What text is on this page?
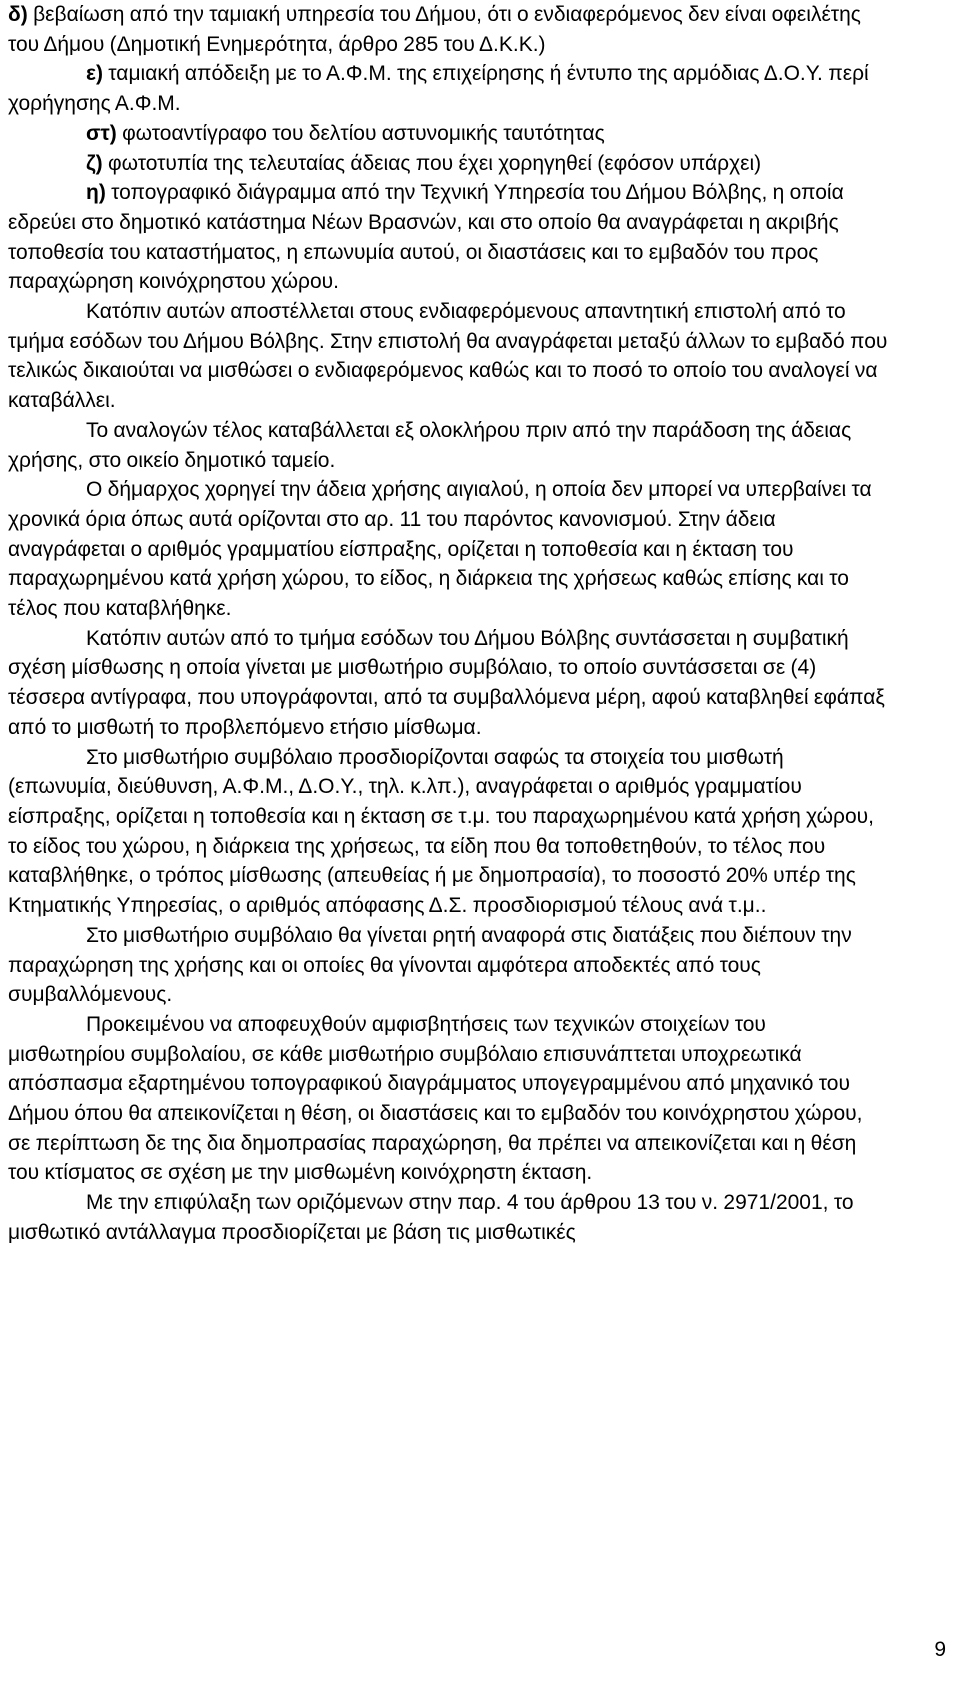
δ) βεβαίωση από την ταμιακή υπηρεσία του Δήμου, ότι ο ενδιαφερόμενος δεν είναι οφειλέτης του Δήμου (Δημοτική Ενημερότητα, άρθρο 285 του Δ.Κ.Κ.)

ε) ταμιακή απόδειξη με το Α.Φ.Μ. της επιχείρησης ή έντυπο της αρμόδιας Δ.Ο.Υ. περί χορήγησης Α.Φ.Μ.

στ) φωτοαντίγραφο του δελτίου αστυνομικής ταυτότητας

ζ) φωτοτυπία της τελευταίας άδειας που έχει χορηγηθεί (εφόσον υπάρχει)

η) τοπογραφικό διάγραμμα από την Τεχνική Υπηρεσία του Δήμου Βόλβης, η οποία εδρεύει στο δημοτικό κατάστημα Νέων Βρασνών, και στο οποίο θα αναγράφεται η ακριβής τοποθεσία του καταστήματος, η επωνυμία αυτού, οι διαστάσεις και το εμβαδόν του προς παραχώρηση κοινόχρηστου χώρου.

Κατόπιν αυτών αποστέλλεται στους ενδιαφερόμενους απαντητική επιστολή από το τμήμα εσόδων του Δήμου Βόλβης. Στην επιστολή θα αναγράφεται μεταξύ άλλων το εμβαδό που τελικώς δικαιούται να μισθώσει ο ενδιαφερόμενος καθώς και το ποσό το οποίο του αναλογεί να καταβάλλει.

Το αναλογών τέλος καταβάλλεται εξ ολοκλήρου πριν από την παράδοση της άδειας χρήσης, στο οικείο δημοτικό ταμείο.

Ο δήμαρχος χορηγεί την άδεια χρήσης αιγιαλού, η οποία δεν μπορεί να υπερβαίνει τα χρονικά όρια όπως αυτά ορίζονται στο αρ. 11 του παρόντος κανονισμού. Στην άδεια αναγράφεται ο αριθμός γραμματίου είσπραξης, ορίζεται η τοποθεσία και η έκταση του παραχωρημένου κατά χρήση χώρου, το είδος, η διάρκεια της χρήσεως καθώς επίσης και το τέλος που καταβλήθηκε.

Κατόπιν αυτών από το τμήμα εσόδων του Δήμου Βόλβης συντάσσεται η συμβατική σχέση μίσθωσης η οποία γίνεται με μισθωτήριο συμβόλαιο, το οποίο συντάσσεται σε (4) τέσσερα αντίγραφα, που υπογράφονται, από τα συμβαλλόμενα μέρη, αφού καταβληθεί εφάπαξ από το μισθωτή το προβλεπόμενο ετήσιο μίσθωμα.

Στο μισθωτήριο συμβόλαιο προσδιορίζονται σαφώς τα στοιχεία του μισθωτή (επωνυμία, διεύθυνση, Α.Φ.Μ., Δ.Ο.Υ., τηλ. κ.λπ.), αναγράφεται ο αριθμός γραμματίου είσπραξης, ορίζεται η τοποθεσία και η έκταση σε τ.μ. του παραχωρημένου κατά χρήση χώρου, το είδος του χώρου, η διάρκεια της χρήσεως, τα είδη που θα τοποθετηθούν, το τέλος που καταβλήθηκε, ο τρόπος μίσθωσης (απευθείας ή με δημοπρασία), το ποσοστό 20% υπέρ της Κτηματικής Υπηρεσίας, ο αριθμός απόφασης Δ.Σ. προσδιορισμού τέλους ανά τ.μ..

Στο μισθωτήριο συμβόλαιο θα γίνεται ρητή αναφορά στις διατάξεις που διέπουν την παραχώρηση της χρήσης και οι οποίες θα γίνονται αμφότερα αποδεκτές από τους συμβαλλόμενους.

Προκειμένου να αποφευχθούν αμφισβητήσεις των τεχνικών στοιχείων του μισθωτηρίου συμβολαίου, σε κάθε μισθωτήριο συμβόλαιο επισυνάπτεται υποχρεωτικά απόσπασμα εξαρτημένου τοπογραφικού διαγράμματος υπογεγραμμένου από μηχανικό του Δήμου όπου θα απεικονίζεται η θέση, οι διαστάσεις και το εμβαδόν του κοινόχρηστου χώρου, σε περίπτωση δε της δια δημοπρασίας παραχώρηση, θα πρέπει να απεικονίζεται και η θέση του κτίσματος σε σχέση με την μισθωμένη κοινόχρηστη έκταση.

Με την επιφύλαξη των οριζόμενων στην παρ. 4 του άρθρου 13 του ν. 2971/2001, το μισθωτικό αντάλλαγμα προσδιορίζεται με βάση τις μισθωτικές

9
